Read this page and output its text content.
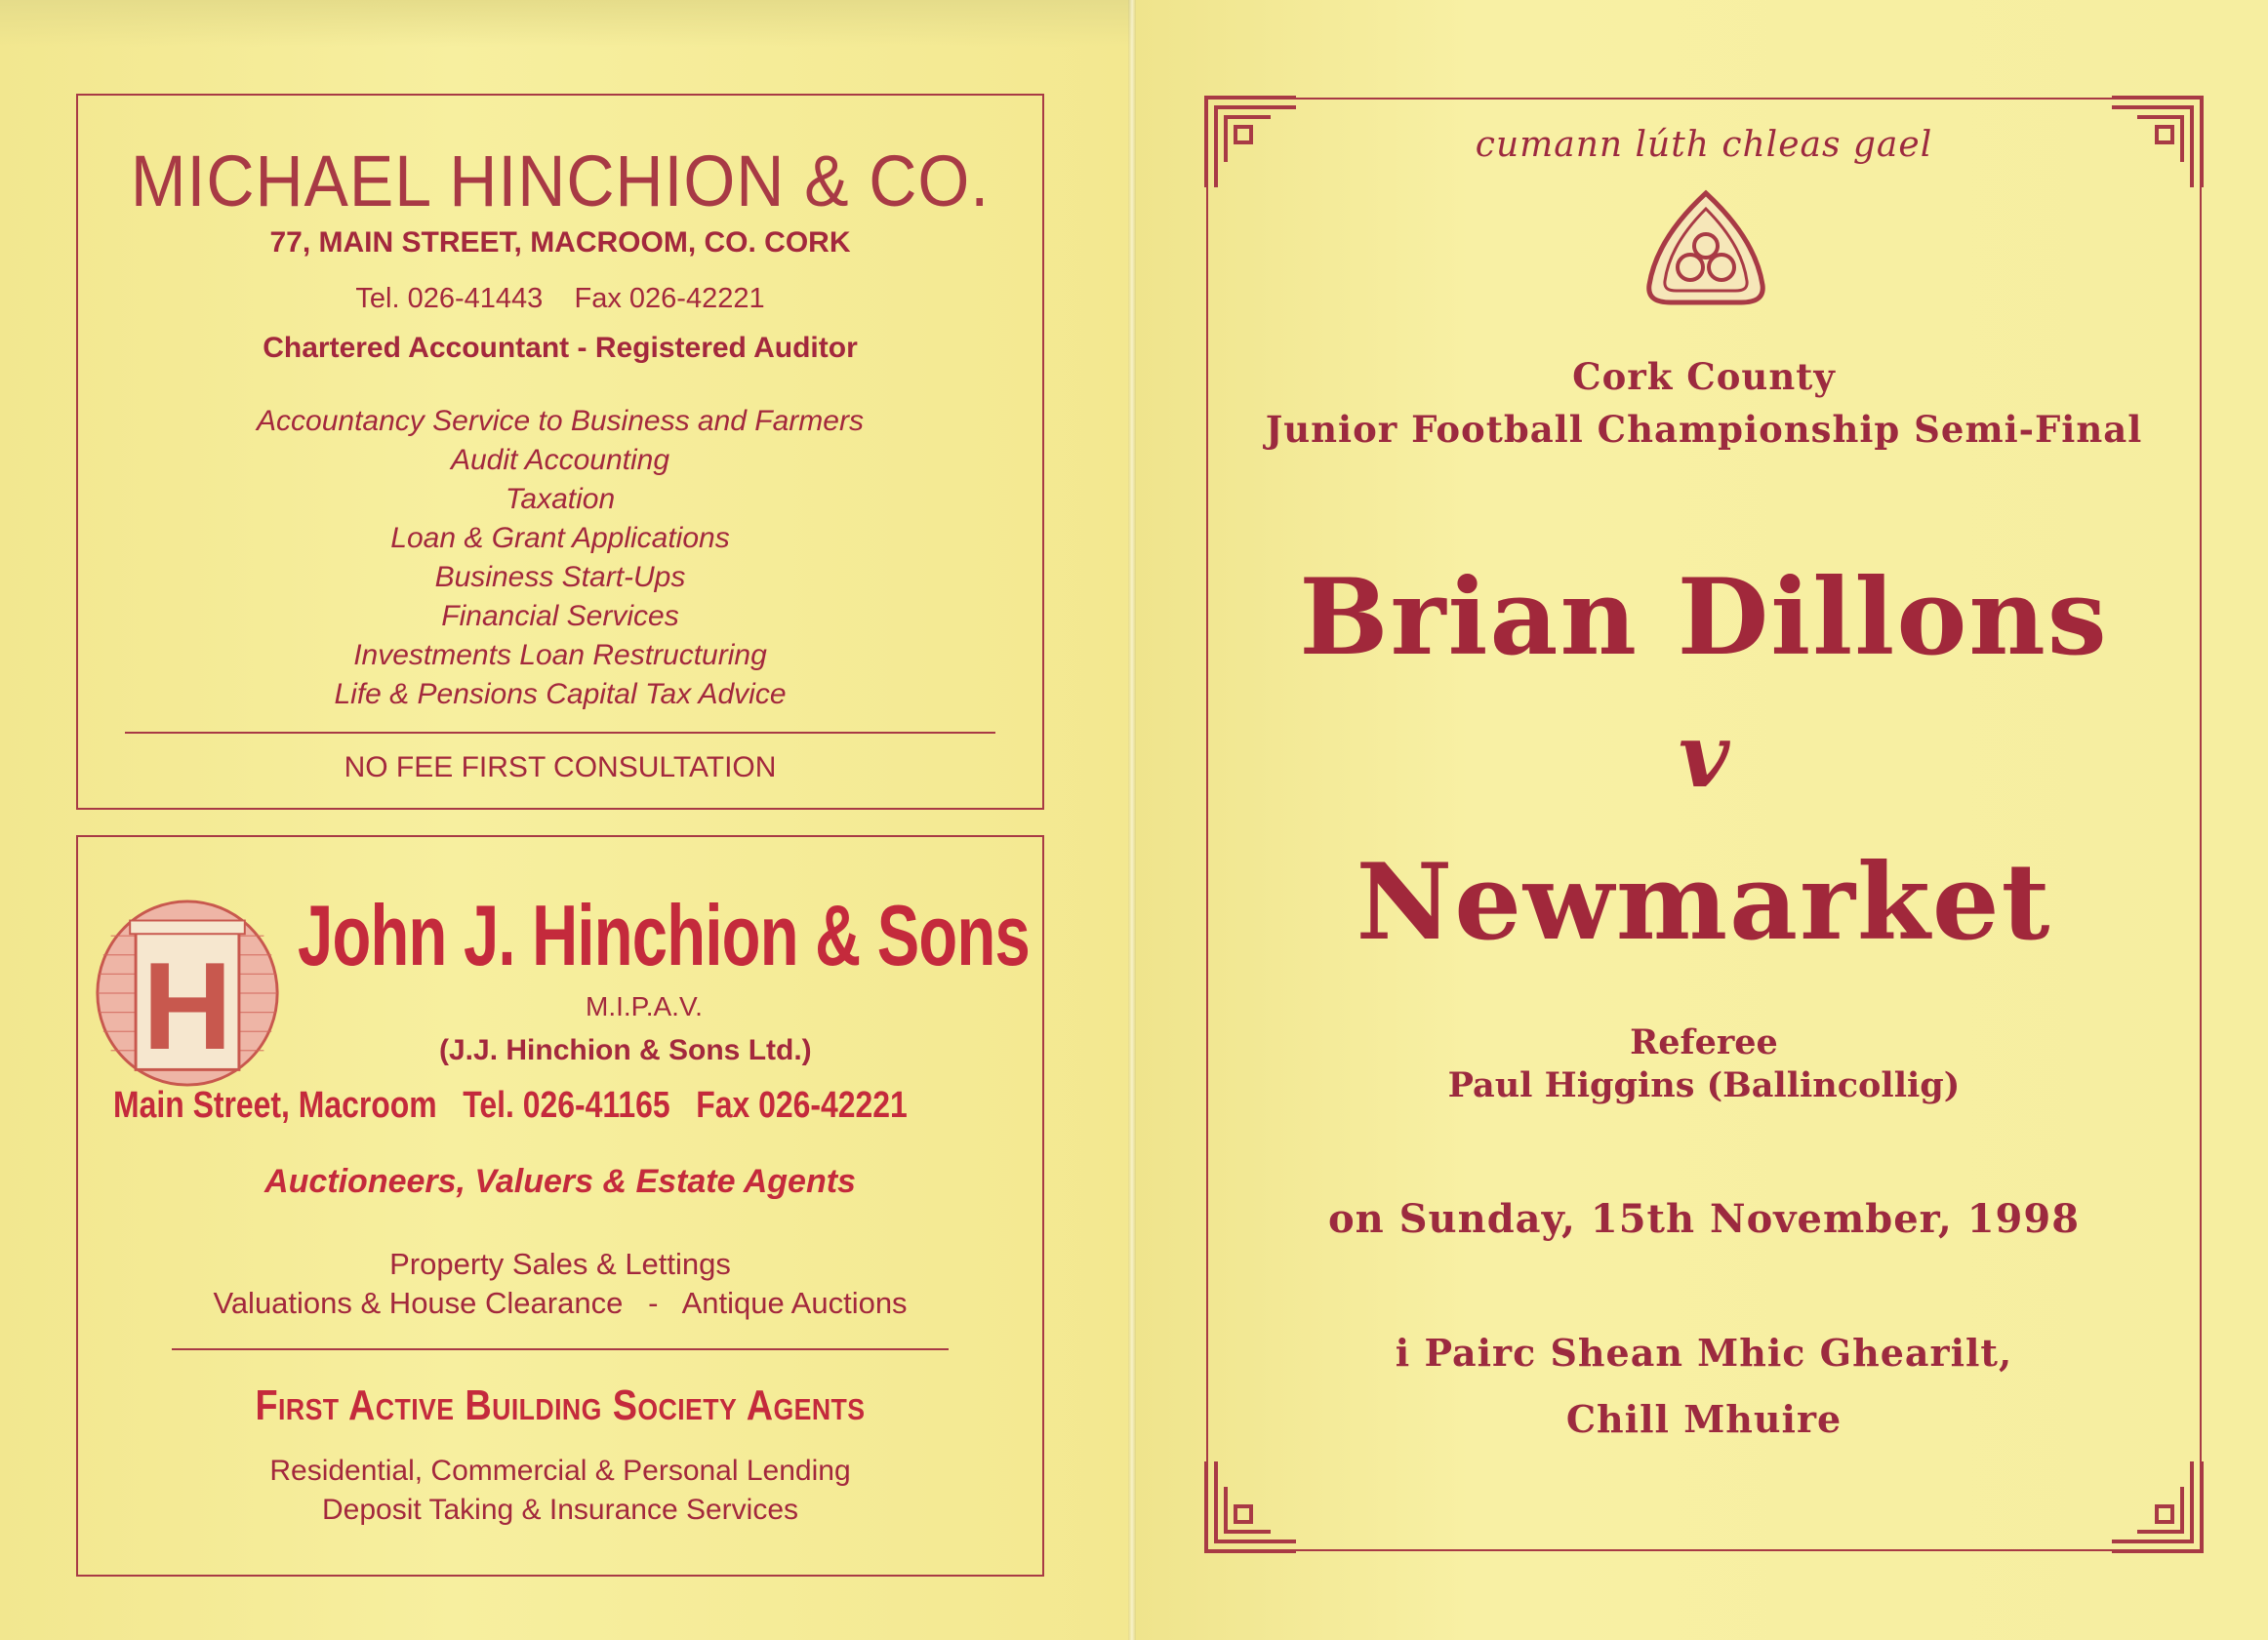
MICHAEL HINCHION & CO.
77, MAIN STREET, MACROOM, CO. CORK
Tel. 026-41443    Fax 026-42221
Chartered Accountant - Registered Auditor
Accountancy Service to Business and Farmers
Audit Accounting
Taxation
Loan & Grant Applications
Business Start-Ups
Financial Services
Investments Loan Restructuring
Life & Pensions Capital Tax Advice
NO FEE FIRST CONSULTATION
H
John J. Hinchion & Sons
M.I.P.A.V.
(J.J. Hinchion & Sons Ltd.)
Main Street, Macroom   Tel. 026-41165   Fax 026-42221
Auctioneers, Valuers & Estate Agents
Property Sales & Lettings
Valuations & House Clearance   -   Antique Auctions
First Active Building Society Agents
Residential, Commercial & Personal Lending
Deposit Taking & Insurance Services
cumann lúth chleas gael
Cork County
Junior Football Championship Semi-Final
Brian Dillons
v
Newmarket
Referee
Paul Higgins (Ballincollig)
on Sunday, 15th November, 1998
i Pairc Shean Mhic Ghearilt,
Chill Mhuire
